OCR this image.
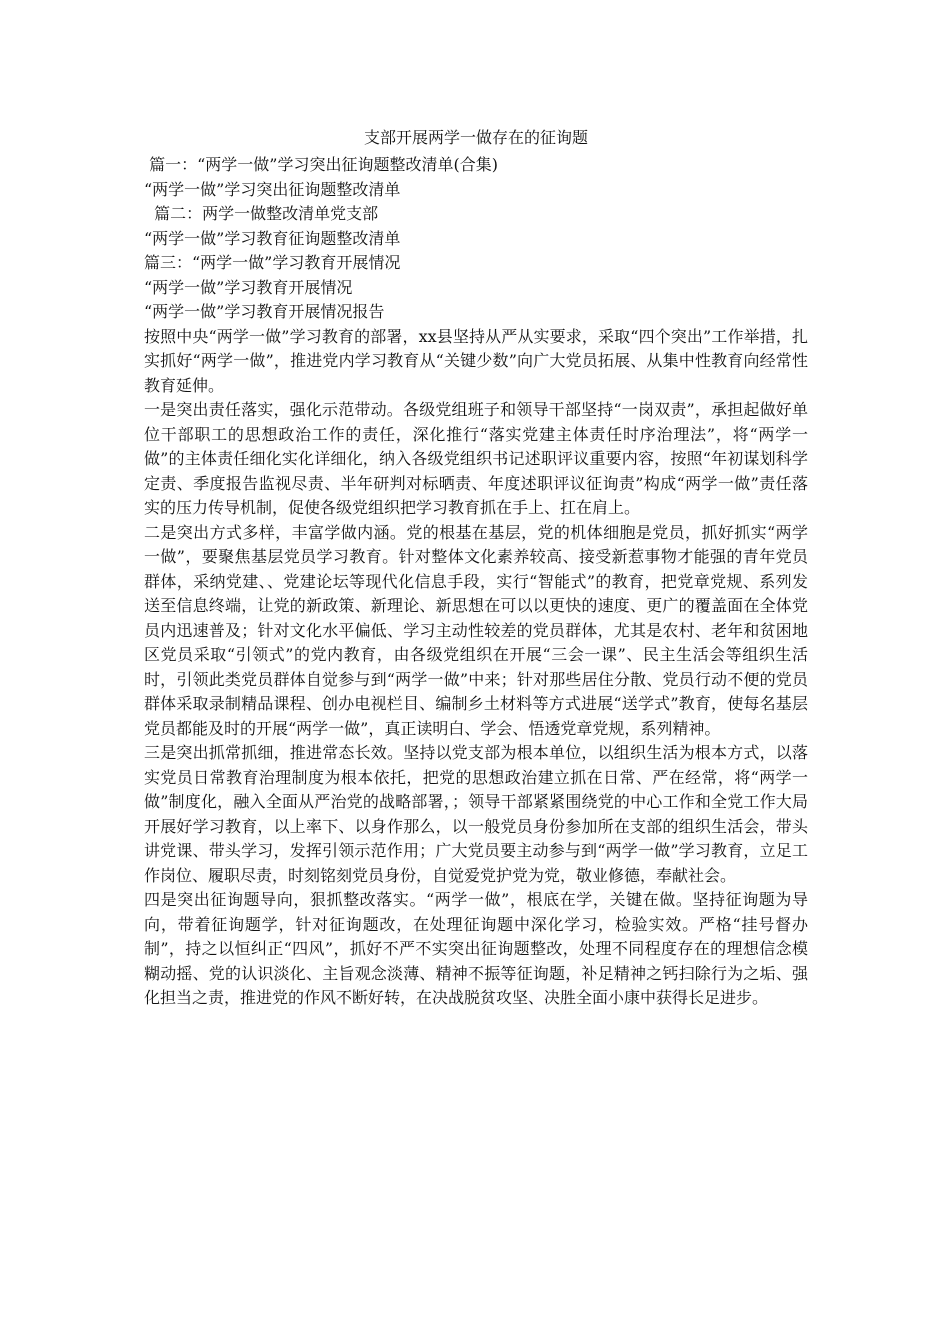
支部开展两学一做存在的征询题

篇一：“两学一做”学习突出征询题整改清单(合集)

“两学一做”学习突出征询题整改清单

篇二：两学一做整改清单党支部

“两学一做”学习教育征询题整改清单

篇三：“两学一做”学习教育开展情况

“两学一做”学习教育开展情况

“两学一做”学习教育开展情况报告

按照中央“两学一做”学习教育的部署，xx县坚持从严从实要求，采取“四个突出”工作举措，扎实抓好“两学一做”，推进党内学习教育从“关键少数”向广大党员拓展、从集中性教育向经常性教育延伸。

一是突出责任落实，强化示范带动。各级党组班子和领导干部坚持“一岗双责”，承担起做好单位干部职工的思想政治工作的责任，深化推行“落实党建主体责任时序治理法”，将“两学一做”的主体责任细化实化详细化，纳入各级党组织书记述职评议重要内容，按照“年初谋划科学定责、季度报告监视尽责、半年研判对标晒责、年度述职评议征询责”构成“两学一做”责任落实的压力传导机制，促使各级党组织把学习教育抓在手上、扛在肩上。

二是突出方式多样，丰富学做内涵。党的根基在基层，党的机体细胞是党员，抓好抓实“两学一做”，要聚焦基层党员学习教育。针对整体文化素养较高、接受新惹事物才能强的青年党员群体，采纳党建、、党建论坛等现代化信息手段，实行“智能式”的教育，把党章党规、系列发送至信息终端，让党的新政策、新理论、新思想在可以以更快的速度、更广的覆盖面在全体党员内迅速普及；针对文化水平偏低、学习主动性较差的党员群体，尤其是农村、老年和贫困地区党员采取“引领式”的党内教育，由各级党组织在开展“三会一课”、民主生活会等组织生活时，引领此类党员群体自觉参与到“两学一做”中来；针对那些居住分散、党员行动不便的党员群体采取录制精品课程、创办电视栏目、编制乡土材料等方式进展“送学式”教育，使每名基层党员都能及时的开展“两学一做”，真正读明白、学会、悟透党章党规，系列精神。

三是突出抓常抓细，推进常态长效。坚持以党支部为根本单位，以组织生活为根本方式，以落实党员日常教育治理制度为根本依托，把党的思想政治建立抓在日常、严在经常，将“两学一做”制度化，融入全面从严治党的战略部署，；领导干部紧紧围绕党的中心工作和全党工作大局开展好学习教育，以上率下、以身作那么，以一般党员身份参加所在支部的组织生活会，带头讲党课、带头学习，发挥引领示范作用；广大党员要主动参与到“两学一做”学习教育，立足工作岗位、履职尽责，时刻铭刻党员身份，自觉爱党护党为党，敬业修德，奉献社会。

四是突出征询题导向，狠抓整改落实。“两学一做”，根底在学，关键在做。坚持征询题为导向，带着征询题学，针对征询题改，在处理征询题中深化学习，检验实效。严格“挂号督办制”，持之以恒纠正“四风”，抓好不严不实突出征询题整改，处理不同程度存在的理想信念模糊动摇、党的认识淡化、主旨观念淡薄、精神不振等征询题，补足精神之钙扫除行为之垢、强化担当之责，推进党的作风不断好转，在决战脱贫攻坚、决胜全面小康中获得长足进步。
